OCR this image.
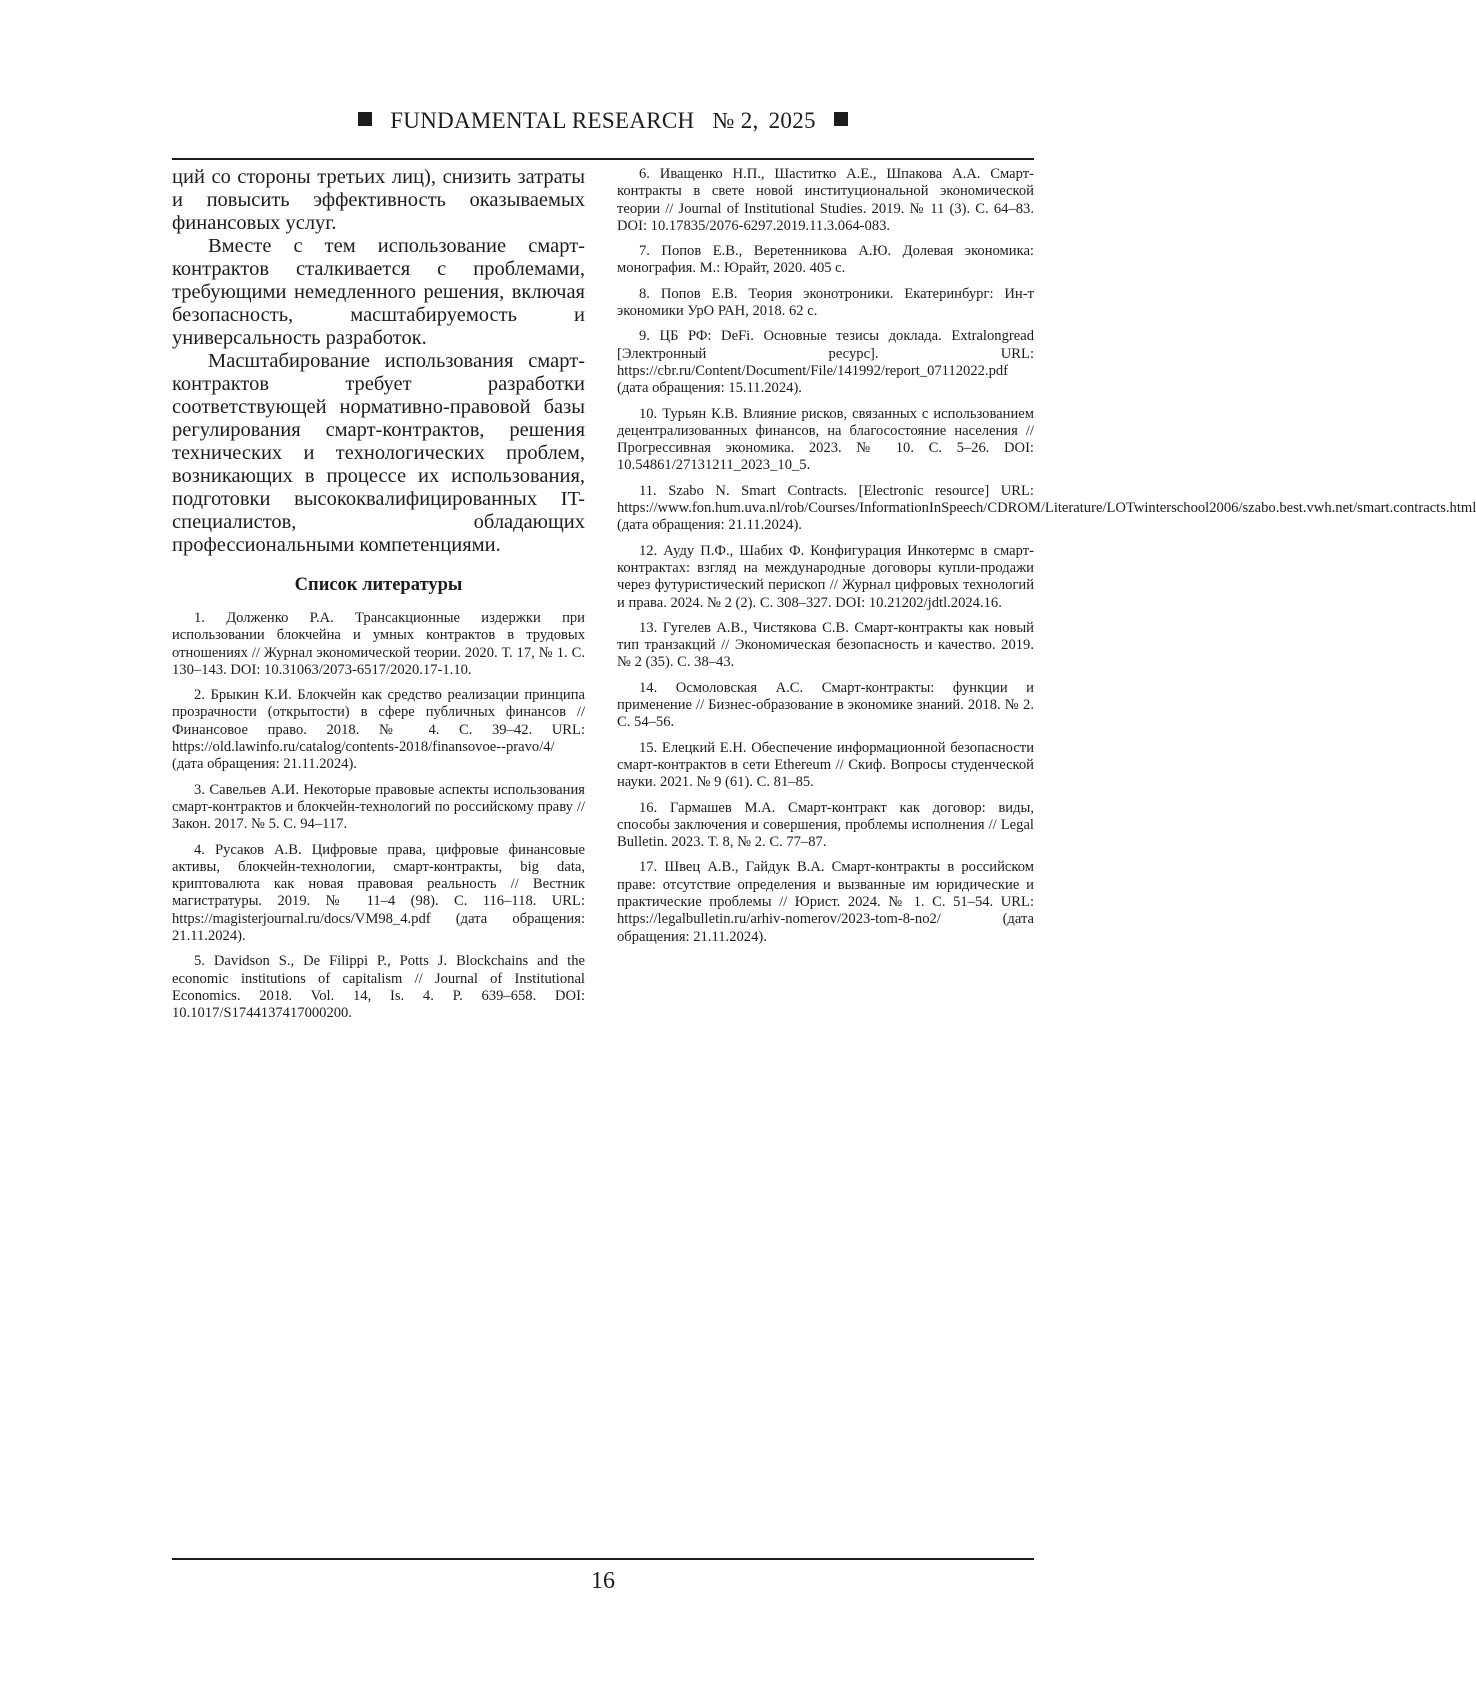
FUNDAMENTAL RESEARCH № 2, 2025

ций со стороны третьих лиц), снизить затраты и повысить эффективность оказываемых финансовых услуг.

Вместе с тем использование смарт-контрактов сталкивается с проблемами, требующими немедленного решения, включая безопасность, масштабируемость и универсальность разработок.

Масштабирование использования смарт-контрактов требует разработки соответствующей нормативно-правовой базы регулирования смарт-контрактов, решения технических и технологических проблем, возникающих в процессе их использования, подготовки высококвалифицированных IT-специалистов, обладающих профессиональными компетенциями.

Список литературы

1. Долженко Р.А. Трансакционные издержки при использовании блокчейна и умных контрактов в трудовых отношениях // Журнал экономической теории. 2020. Т. 17, № 1. С. 130–143. DOI: 10.31063/2073-6517/2020.17-1.10.

2. Брыкин К.И. Блокчейн как средство реализации принципа прозрачности (открытости) в сфере публичных финансов // Финансовое право. 2018. № 4. С. 39–42. URL: https://old.lawinfo.ru/catalog/contents-2018/finansovoe--pravo/4/ (дата обращения: 21.11.2024).

3. Савельев А.И. Некоторые правовые аспекты использования смарт-контрактов и блокчейн-технологий по российскому праву // Закон. 2017. № 5. С. 94–117.

4. Русаков А.В. Цифровые права, цифровые финансовые активы, блокчейн-технологии, смарт-контракты, big data, криптовалюта как новая правовая реальность // Вестник магистратуры. 2019. № 11–4 (98). С. 116–118. URL: https://magisterjournal.ru/docs/VM98_4.pdf (дата обращения: 21.11.2024).

5. Davidson S., De Filippi P., Potts J. Blockchains and the economic institutions of capitalism // Journal of Institutional Economics. 2018. Vol. 14, Is. 4. P. 639–658. DOI: 10.1017/S1744137417000200.

6. Иващенко Н.П., Шаститко А.Е., Шпакова А.А. Смарт-контракты в свете новой институциональной экономической теории // Journal of Institutional Studies. 2019. № 11 (3). С. 64–83. DOI: 10.17835/2076-6297.2019.11.3.064-083.

7. Попов Е.В., Веретенникова А.Ю. Долевая экономика: монография. М.: Юрайт, 2020. 405 с.

8. Попов Е.В. Теория эконотроники. Екатеринбург: Ин-т экономики УрО РАН, 2018. 62 с.

9. ЦБ РФ: DeFi. Основные тезисы доклада. Extralongread [Электронный ресурс]. URL: https://cbr.ru/Content/Document/File/141992/report_07112022.pdf (дата обращения: 15.11.2024).

10. Турьян К.В. Влияние рисков, связанных с использованием децентрализованных финансов, на благосостояние населения // Прогрессивная экономика. 2023. № 10. С. 5–26. DOI: 10.54861/27131211_2023_10_5.

11. Szabo N. Smart Contracts. [Electronic resource] URL: https://www.fon.hum.uva.nl/rob/Courses/InformationInSpeech/CDROM/Literature/LOTwinterschool2006/szabo.best.vwh.net/smart.contracts.html (дата обращения: 21.11.2024).

12. Ауду П.Ф., Шабих Ф. Конфигурация Инкотермс в смарт-контрактах: взгляд на международные договоры купли-продажи через футуристический перископ // Журнал цифровых технологий и права. 2024. № 2 (2). С. 308–327. DOI: 10.21202/jdtl.2024.16.

13. Гугелев А.В., Чистякова С.В. Смарт-контракты как новый тип транзакций // Экономическая безопасность и качество. 2019. № 2 (35). С. 38–43.

14. Осмоловская А.С. Смарт-контракты: функции и применение // Бизнес-образование в экономике знаний. 2018. № 2. С. 54–56.

15. Елецкий Е.Н. Обеспечение информационной безопасности смарт-контрактов в сети Ethereum // Скиф. Вопросы студенческой науки. 2021. № 9 (61). С. 81–85.

16. Гармашев М.А. Смарт-контракт как договор: виды, способы заключения и совершения, проблемы исполнения // Legal Bulletin. 2023. Т. 8, № 2. С. 77–87.

17. Швец А.В., Гайдук В.А. Смарт-контракты в российском праве: отсутствие определения и вызванные им юридические и практические проблемы // Юрист. 2024. № 1. С. 51–54. URL: https://legalbulletin.ru/arhiv-nomerov/2023-tom-8-no2/ (дата обращения: 21.11.2024).

16
